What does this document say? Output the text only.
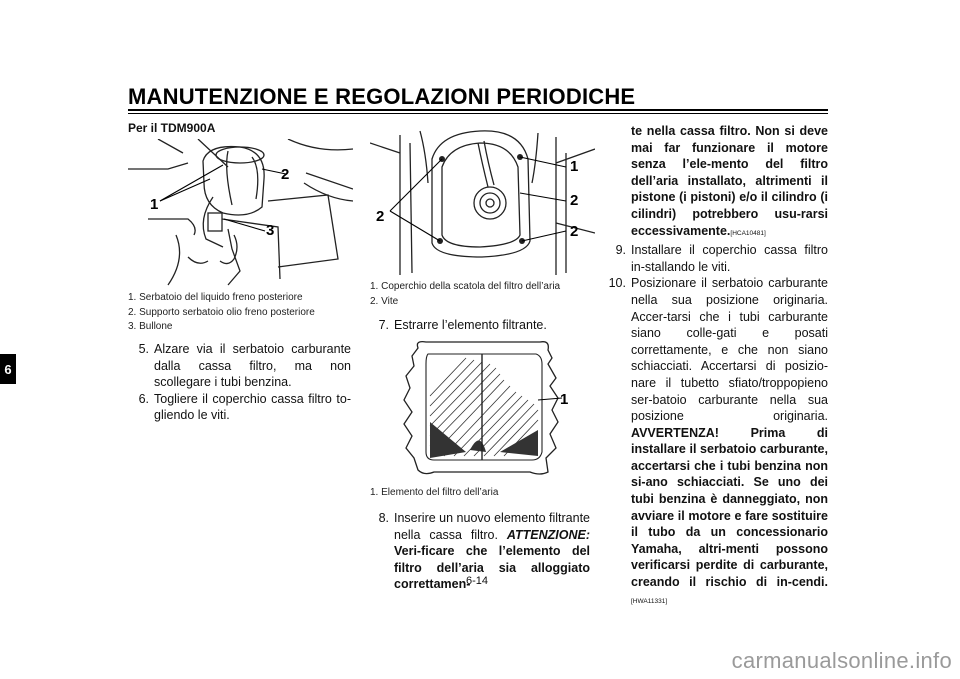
MANUTENZIONE E REGOLAZIONI PERIODICHE
6
Per il TDM900A
1
2
3
1. Serbatoio del liquido freno posteriore
2. Supporto serbatoio olio freno posteriore
3. Bullone
5. Alzare via il serbatoio carburante dalla cassa filtro, ma non scollegare i tubi benzina.
6. Togliere il coperchio cassa filtro to-gliendo le viti.
2
1
2
2
1. Coperchio della scatola del filtro dell’aria
2. Vite
7. Estrarre l’elemento filtrante.
1
1. Elemento del filtro dell’aria
8. Inserire un nuovo elemento filtrante nella cassa filtro. ATTENZIONE: Veri-ficare che l’elemento del filtro dell’aria sia alloggiato correttamen-
te nella cassa filtro. Non si deve mai far funzionare il motore senza l’ele-mento del filtro dell’aria installato, altrimenti il pistone (i pistoni) e/o il cilindro (i cilindri) potrebbero usu-rarsi eccessivamente.[HCA10481]
9. Installare il coperchio cassa filtro in-stallando le viti.
10. Posizionare il serbatoio carburante nella sua posizione originaria. Accer-tarsi che i tubi carburante siano colle-gati e posati correttamente, e che non siano schiacciati. Accertarsi di posizio-nare il tubetto sfiato/troppopieno ser-batoio carburante nella sua posizione originaria. AVVERTENZA!	Prima di installare il serbatoio carburante, accertarsi che i tubi benzina non si-ano schiacciati. Se uno dei tubi benzina è danneggiato, non avviare il motore e fare sostituire il tubo da un concessionario Yamaha, altri-menti possono verificarsi perdite di carburante, creando il rischio di in-cendi.[HWA11331]
6-14
carmanualsonline.info
